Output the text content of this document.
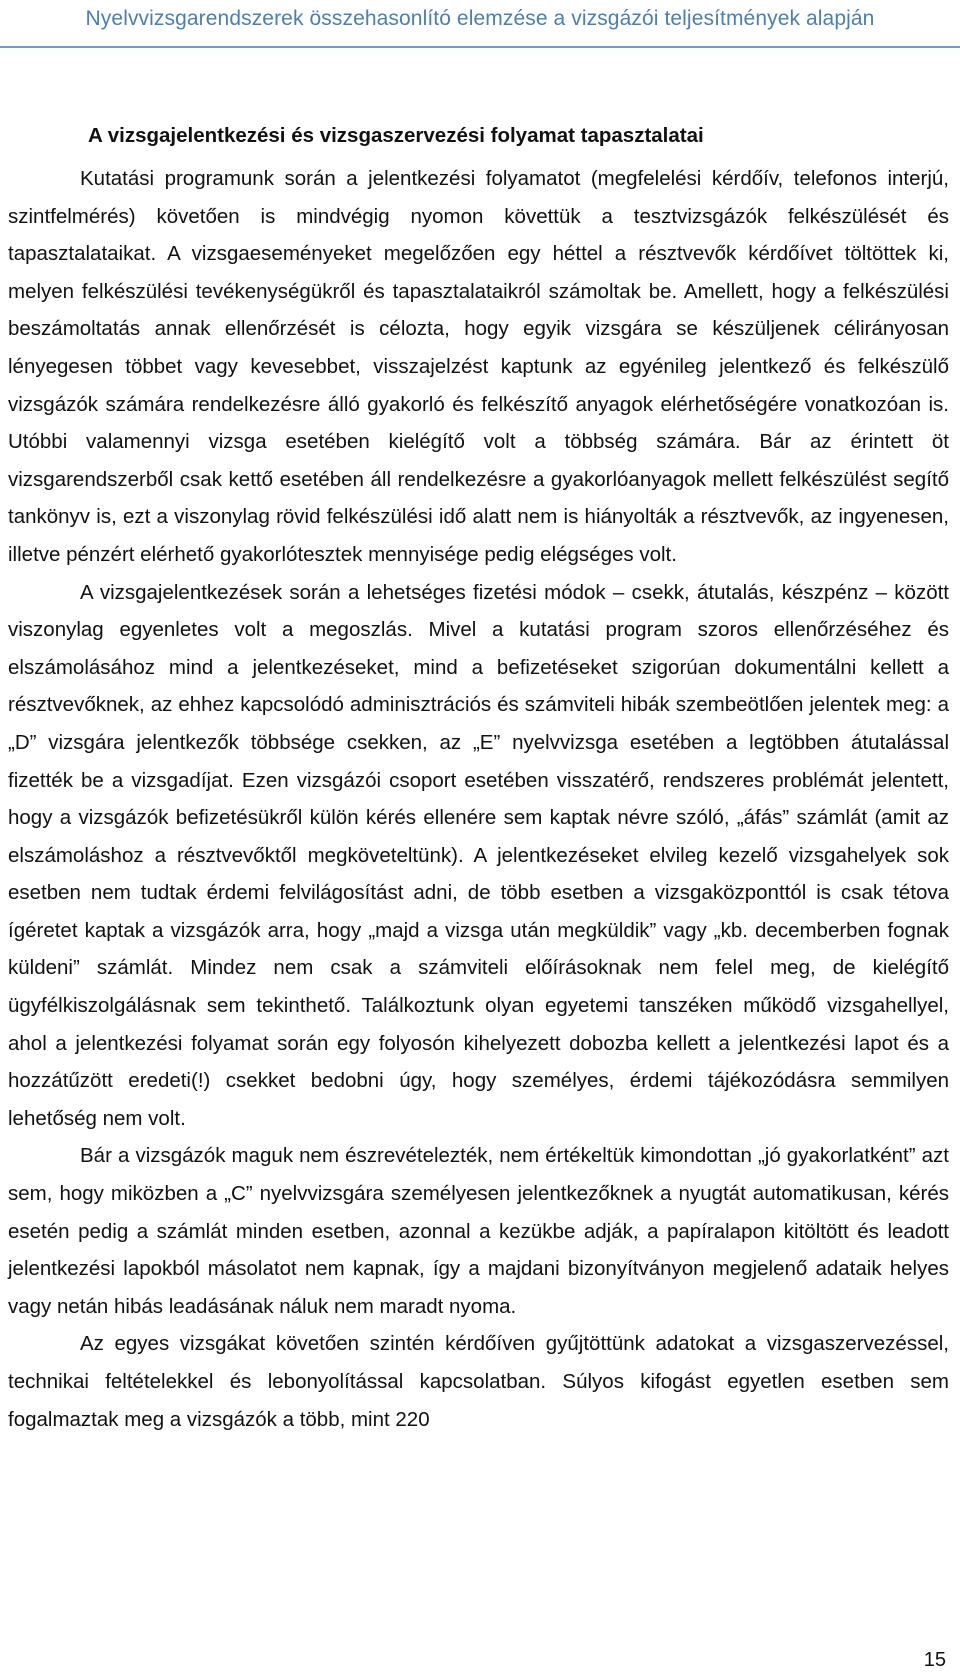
Nyelvvizsgarendszerek összehasonlító elemzése a vizsgázói teljesítmények alapján
A vizsgajelentkezési és vizsgaszervezési folyamat tapasztalatai

Kutatási programunk során a jelentkezési folyamatot (megfelelési kérdőív, telefonos interjú, szintfelmérés) követően is mindvégig nyomon követtük a tesztvizsgázók felkészülését és tapasztalataikat. A vizsgaeseményeket megelőzően egy héttel a résztvevők kérdőívet töltöttek ki, melyen felkészülési tevékenységükről és tapasztalataikról számoltak be. Amellett, hogy a felkészülési beszámoltatás annak ellenőrzését is célozta, hogy egyik vizsgára se készüljenek célirányosan lényegesen többet vagy kevesebbet, visszajelzést kaptunk az egyénileg jelentkező és felkészülő vizsgázók számára rendelkezésre álló gyakorló és felkészítő anyagok elérhetőségére vonatkozóan is. Utóbbi valamennyi vizsga esetében kielégítő volt a többség számára. Bár az érintett öt vizsgarendszerből csak kettő esetében áll rendelkezésre a gyakorlóanyagok mellett felkészülést segítő tankönyv is, ezt a viszonylag rövid felkészülési idő alatt nem is hiányolták a résztvevők, az ingyenesen, illetve pénzért elérhető gyakorlótesztek mennyisége pedig elégséges volt.

A vizsgajelentkezések során a lehetséges fizetési módok – csekk, átutalás, készpénz – között viszonylag egyenletes volt a megoszlás. Mivel a kutatási program szoros ellenőrzéséhez és elszámolásához mind a jelentkezéseket, mind a befizetéseket szigorúan dokumentálni kellett a résztvevőknek, az ehhez kapcsolódó adminisztrációs és számviteli hibák szembeötlően jelentek meg: a „D” vizsgára jelentkezők többsége csekken, az „E” nyelvvizsga esetében a legtöbben átutalással fizették be a vizsgadíjat. Ezen vizsgázói csoport esetében visszatérő, rendszeres problémát jelentett, hogy a vizsgázók befizetésükről külön kérés ellenére sem kaptak névre szóló, „áfás” számlát (amit az elszámoláshoz a résztvevőktől megköveteltünk). A jelentkezéseket elvileg kezelő vizsgahelyek sok esetben nem tudtak érdemi felvilágosítást adni, de több esetben a vizsgaközponttól is csak tétova ígéretet kaptak a vizsgázók arra, hogy „majd a vizsga után megküldik” vagy „kb. decemberben fognak küldeni” számlát. Mindez nem csak a számviteli előírásoknak nem felel meg, de kielégítő ügyfélkiszolgálásnak sem tekinthető. Találkoztunk olyan egyetemi tanszéken működő vizsgahellyel, ahol a jelentkezési folyamat során egy folyosón kihelyezett dobozba kellett a jelentkezési lapot és a hozzátűzött eredeti(!) csekket bedobni úgy, hogy személyes, érdemi tájékozódásra semmilyen lehetőség nem volt.

Bár a vizsgázók maguk nem észrevételezték, nem értékeltük kimondottan „jó gyakorlatként” azt sem, hogy miközben a „C” nyelvvizsgára személyesen jelentkezőknek a nyugtát automatikusan, kérés esetén pedig a számlát minden esetben, azonnal a kezükbe adják, a papíralapon kitöltött és leadott jelentkezési lapokból másolatot nem kapnak, így a majdani bizonyítványon megjelenő adataik helyes vagy netán hibás leadásának náluk nem maradt nyoma.

Az egyes vizsgákat követően szintén kérdőíven gyűjtöttünk adatokat a vizsgaszervezéssel, technikai feltételekkel és lebonyolítással kapcsolatban. Súlyos kifogást egyetlen esetben sem fogalmaztak meg a vizsgázók a több, mint 220

15
